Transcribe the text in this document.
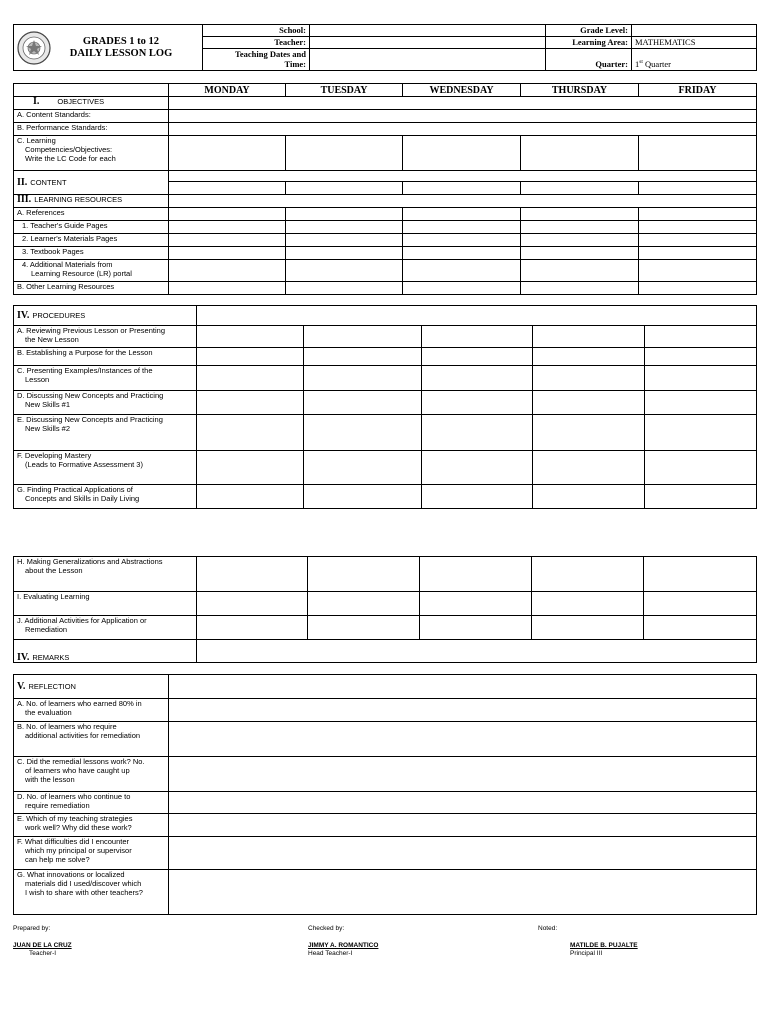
GRADES 1 to 12
DAILY LESSON LOG	School:		Grade Level:	
	Teacher:		Learning Area:	MATHEMATICS

	Teaching Dates and
Time:		Quarter:	1st Quarter
	MONDAY	TUESDAY	WEDNESDAY	THURSDAY	FRIDAY
I. OBJECTIVES					
A. Content Standards:					
B. Performance Standards:					

C. Learning
Competencies/Objectives:
Write the LC Code for each					

II. CONTENT					

III. LEARNING RESOURCES					
A. References					
1. Teacher's Guide Pages					
2. Learner's Materials Pages					
3. Textbook Pages					

4. Additional Materials from
Learning Resource (LR) portal					

B. Other Learning Resources					
IV. PROCEDURES					

A. Reviewing Previous Lesson or Presenting
the New Lesson					

B. Establishing a Purpose for the Lesson					

C. Presenting Examples/Instances of the
Lesson					

D. Discussing New Concepts and Practicing
New Skills #1					

E. Discussing New Concepts and Practicing
New Skills #2					

F. Developing Mastery
(Leads to Formative Assessment 3)					

G. Finding Practical Applications of
Concepts and Skills in Daily Living					

H. Making Generalizations and Abstractions
about the Lesson					

I. Evaluating Learning					

J. Additional Activities for Application or
Remediation					

IV. REMARKS					
V. REFLECTION	

A. No. of learners who earned 80% in
the evaluation	

B. No. of learners who require
additional activities for remediation	

C. Did the remedial lessons work? No.
of learners who have caught up
with the lesson	

D. No. of learners who continue to
require remediation	

E. Which of my teaching strategies
work well? Why did these work?	

F. What difficulties did I encounter
which my principal or supervisor
can help me solve?	

G. What innovations or localized
materials did I used/discover which
I wish to share with other teachers?	

Prepared by:
JUAN DE LA CRUZ
Teacher-I
Checked by:
JIMMY A. ROMANTICO
Head Teacher-I
Noted:
MATILDE B. PUJALTE
Principal III
